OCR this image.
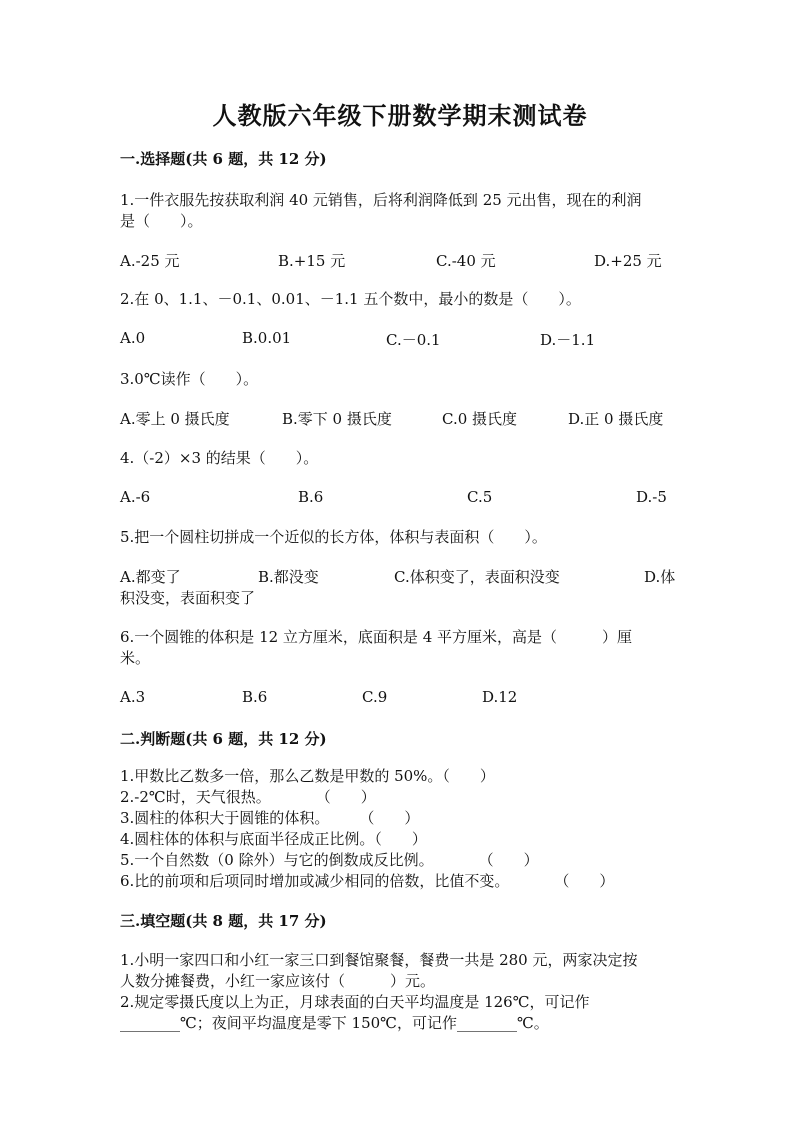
人教版六年级下册数学期末测试卷
一.选择题(共 6 题，共 12 分)
1.一件衣服先按获取利润 40 元销售，后将利润降低到 25 元出售，现在的利润
是（　　）。
A.-25 元	B.+15 元	C.-40 元	D.+25 元
2.在 0、1.1、－0.1、0.01、－1.1 五个数中，最小的数是（　　）。
A.0	B.0.01	C.－0.1	D.－1.1
3.0℃读作（　　）。
A.零上 0 摄氏度	B.零下 0 摄氏度	C.0 摄氏度	D.正 0 摄氏度
4.（-2）×3 的结果（　　）。
A.-6	B.6	C.5	D.-5
5.把一个圆柱切拼成一个近似的长方体，体积与表面积（　　）。
A.都变了	B.都没变	C.体积变了，表面积没变	D.体
积没变，表面积变了
6.一个圆锥的体积是 12 立方厘米，底面积是 4 平方厘米，高是（　　　）厘
米。
A.3	B.6	C.9	D.12
二.判断题(共 6 题，共 12 分)
1.甲数比乙数多一倍，那么乙数是甲数的 50%。（　　）
2.-2℃时，天气很热。　　　　（　　）
3.圆柱的体积大于圆锥的体积。　　　（　　）
4.圆柱体的体积与底面半径成正比例。（　　）
5.一个自然数（0 除外）与它的倒数成反比例。　　　　（　　）
6.比的前项和后项同时增加或减少相同的倍数，比值不变。　　　　（　　）
三.填空题(共 8 题，共 17 分)
1.小明一家四口和小红一家三口到餐馆聚餐，餐费一共是 280 元，两家决定按
人数分摊餐费，小红一家应该付（　　　）元。
2.规定零摄氏度以上为正，月球表面的白天平均温度是 126℃，可记作
________℃；夜间平均温度是零下 150℃，可记作________℃。
